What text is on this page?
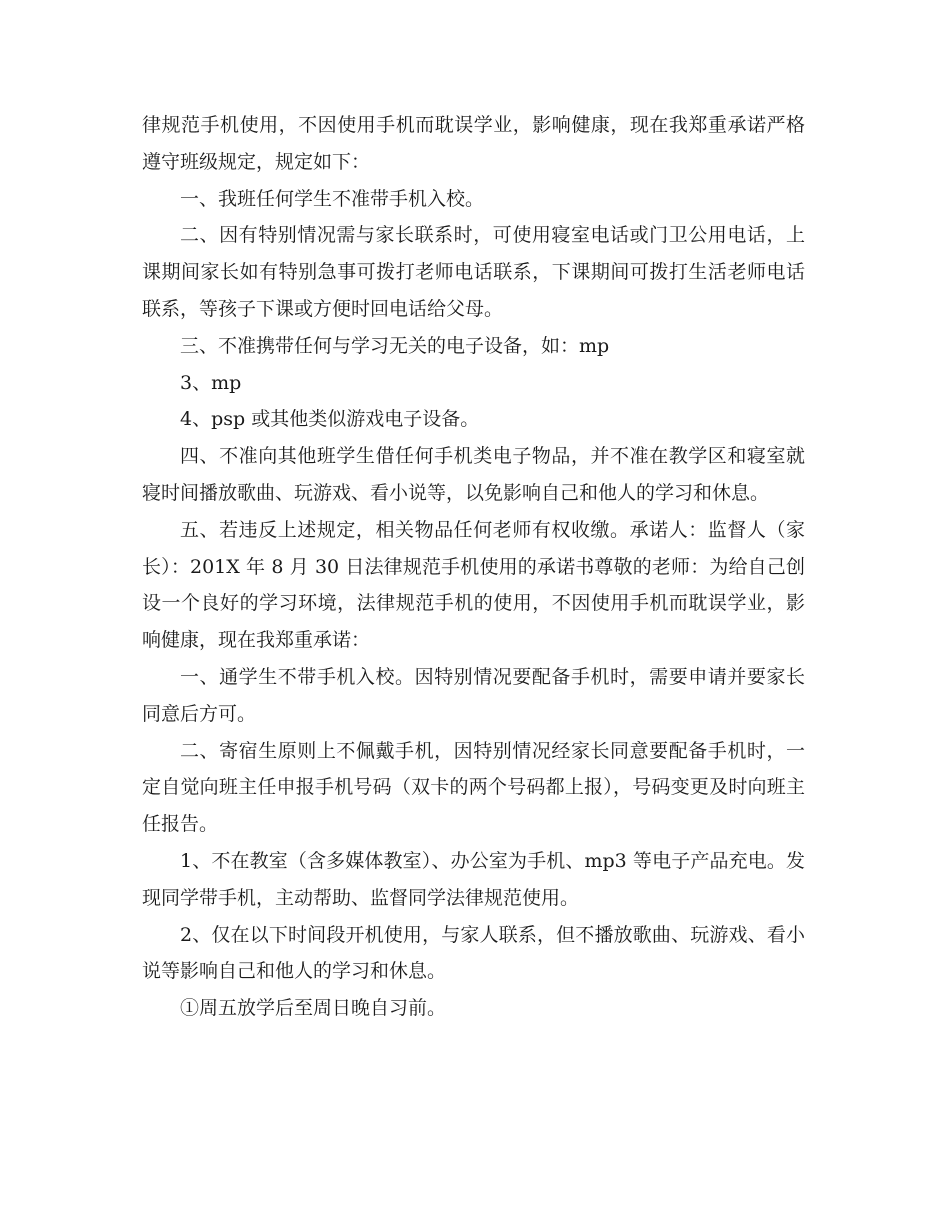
律规范手机使用，不因使用手机而耽误学业，影响健康，现在我郑重承诺严格遵守班级规定，规定如下：

一、我班任何学生不准带手机入校。

二、因有特别情况需与家长联系时，可使用寝室电话或门卫公用电话，上课期间家长如有特别急事可拨打老师电话联系，下课期间可拨打生活老师电话联系，等孩子下课或方便时回电话给父母。

三、不准携带任何与学习无关的电子设备，如：mp

3、mp

4、psp 或其他类似游戏电子设备。

四、不准向其他班学生借任何手机类电子物品，并不准在教学区和寝室就寝时间播放歌曲、玩游戏、看小说等，以免影响自己和他人的学习和休息。

五、若违反上述规定，相关物品任何老师有权收缴。承诺人：监督人（家长）：201X 年 8 月 30 日法律规范手机使用的承诺书尊敬的老师：为给自己创设一个良好的学习环境，法律规范手机的使用，不因使用手机而耽误学业，影响健康，现在我郑重承诺：

一、通学生不带手机入校。因特别情况要配备手机时，需要申请并要家长同意后方可。

二、寄宿生原则上不佩戴手机，因特别情况经家长同意要配备手机时，一定自觉向班主任申报手机号码（双卡的两个号码都上报），号码变更及时向班主任报告。

1、不在教室（含多媒体教室）、办公室为手机、mp3 等电子产品充电。发现同学带手机，主动帮助、监督同学法律规范使用。

2、仅在以下时间段开机使用，与家人联系，但不播放歌曲、玩游戏、看小说等影响自己和他人的学习和休息。

①周五放学后至周日晚自习前。
